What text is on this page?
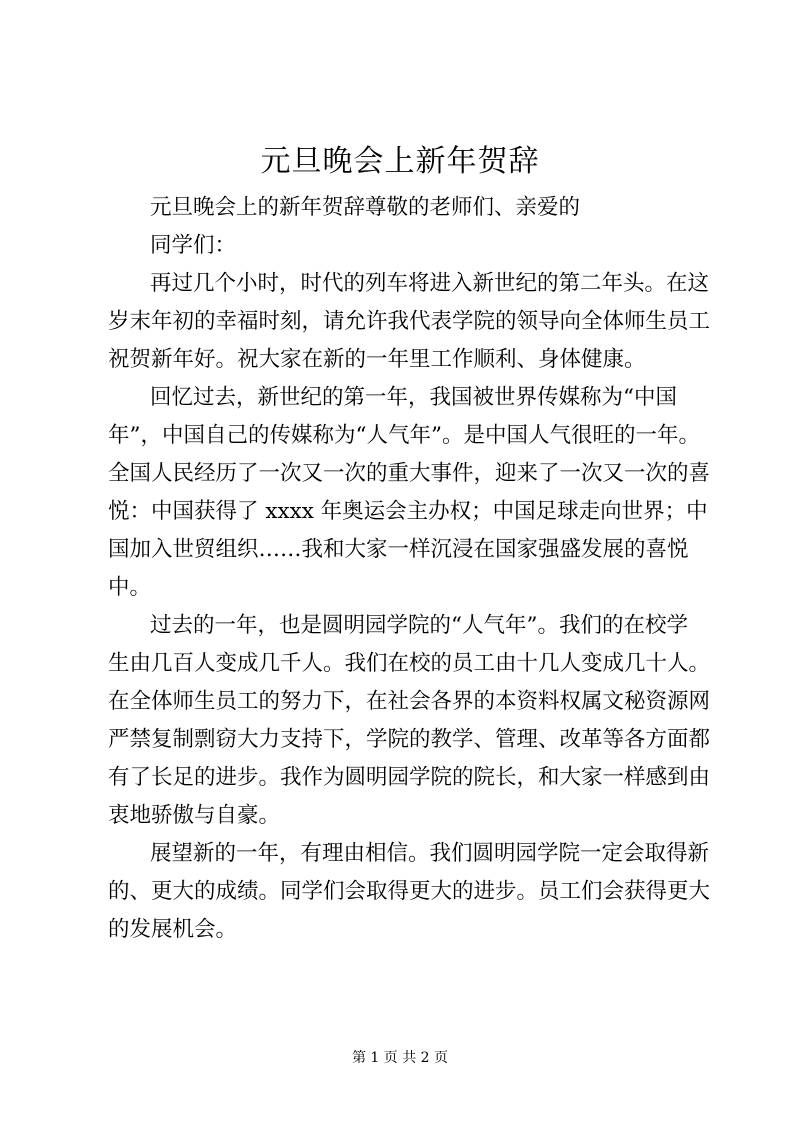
元旦晚会上新年贺辞
元旦晚会上的新年贺辞尊敬的老师们、亲爱的
同学们：
再过几个小时，时代的列车将进入新世纪的第二年头。在这
岁末年初的幸福时刻，请允许我代表学院的领导向全体师生员工
祝贺新年好。祝大家在新的一年里工作顺利、身体健康。
回忆过去，新世纪的第一年，我国被世界传媒称为“中国
年”，中国自己的传媒称为“人气年”。是中国人气很旺的一年。
全国人民经历了一次又一次的重大事件，迎来了一次又一次的喜
悦：中国获得了 xxxx 年奥运会主办权；中国足球走向世界；中
国加入世贸组织……我和大家一样沉浸在国家强盛发展的喜悦
中。
过去的一年，也是圆明园学院的“人气年”。我们的在校学
生由几百人变成几千人。我们在校的员工由十几人变成几十人。
在全体师生员工的努力下，在社会各界的本资料权属文秘资源网
严禁复制剽窃大力支持下，学院的教学、管理、改革等各方面都
有了长足的进步。我作为圆明园学院的院长，和大家一样感到由
衷地骄傲与自豪。
展望新的一年，有理由相信。我们圆明园学院一定会取得新
的、更大的成绩。同学们会取得更大的进步。员工们会获得更大
的发展机会。
第 1 页 共 2 页
